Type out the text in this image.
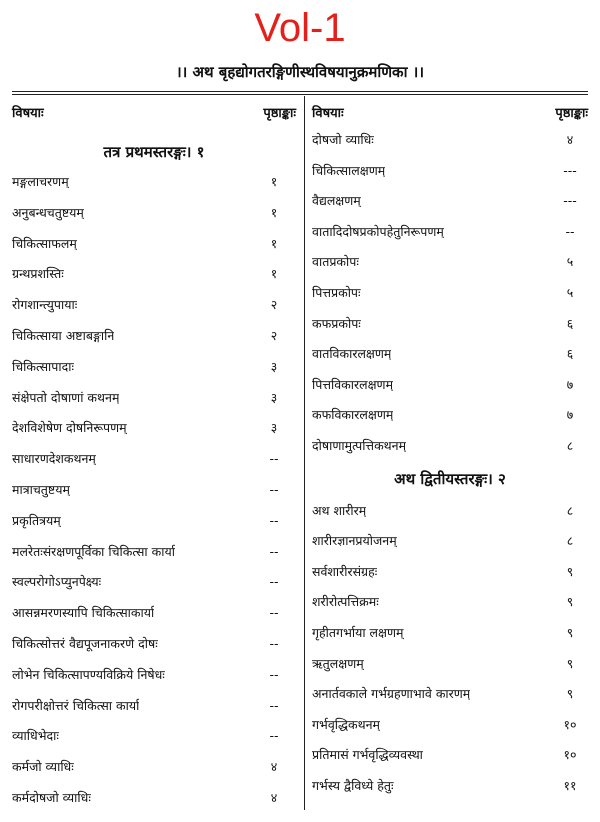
Vol-1
।। अथ बृहद्योगतरङ्गिणीस्थविषयानुक्रमणिका ।।
विषयाः	पृष्ठाङ्काः
तत्र प्रथमस्तरङ्गः। १
मङ्गलाचरणम्	१
अनुबन्धचतुष्टयम्	१
चिकित्साफलम्	१
ग्रन्थप्रशस्तिः	१
रोगशान्त्युपायाः	२
चिकित्साया अष्टाबङ्गानि	२
चिकित्सापादाः	३
संक्षेपतो दोषाणां कथनम्	३
देशविशेषेण दोषनिरूपणम्	३
साधारणदेशकथनम्	--
मात्राचतुष्टयम्	--
प्रकृतित्रयम्	--
मलरेतःसंरक्षणपूर्विका चिकित्सा कार्या	--
स्वल्परोगोऽप्युनपेक्ष्यः	--
आसन्नमरणस्यापि चिकित्साकार्या	--
चिकित्सोत्तरं वैद्यपूजनाकरणे दोषः	--
लोभेन चिकित्सापण्यविक्रिये निषेधः	--
रोगपरीक्षोत्तरं चिकित्सा कार्या	--
व्याधिभेदाः	--
कर्मजो व्याधिः	४
कर्मदोषजो व्याधिः	४
विषयाः	पृष्ठाङ्काः
दोषजो व्याधिः	४
चिकित्सालक्षणम्	---
वैद्यलक्षणम्	---
वातादिदोषप्रकोपहेतुनिरूपणम्	--
वातप्रकोपः	५
पित्तप्रकोपः	५
कफप्रकोपः	६
वातविकारलक्षणम्	६
पित्तविकारलक्षणम्	७
कफविकारलक्षणम्	७
दोषाणामुत्पत्तिकथनम्	८
अथ द्वितीयस्तरङ्गः। २
अथ शारीरम्	८
शारीरज्ञानप्रयोजनम्	८
सर्वशारीरसंग्रहः	९
शरीरोत्पत्तिक्रमः	९
गृहीतगर्भाया लक्षणम्	९
ऋतुलक्षणम्	९
अनार्तवकाले गर्भग्रहणाभावे कारणम्	९
गर्भवृद्धिकथनम्	१०
प्रतिमासं गर्भवृद्धिव्यवस्था	१०
गर्भस्य द्वैविध्ये हेतुः	११
